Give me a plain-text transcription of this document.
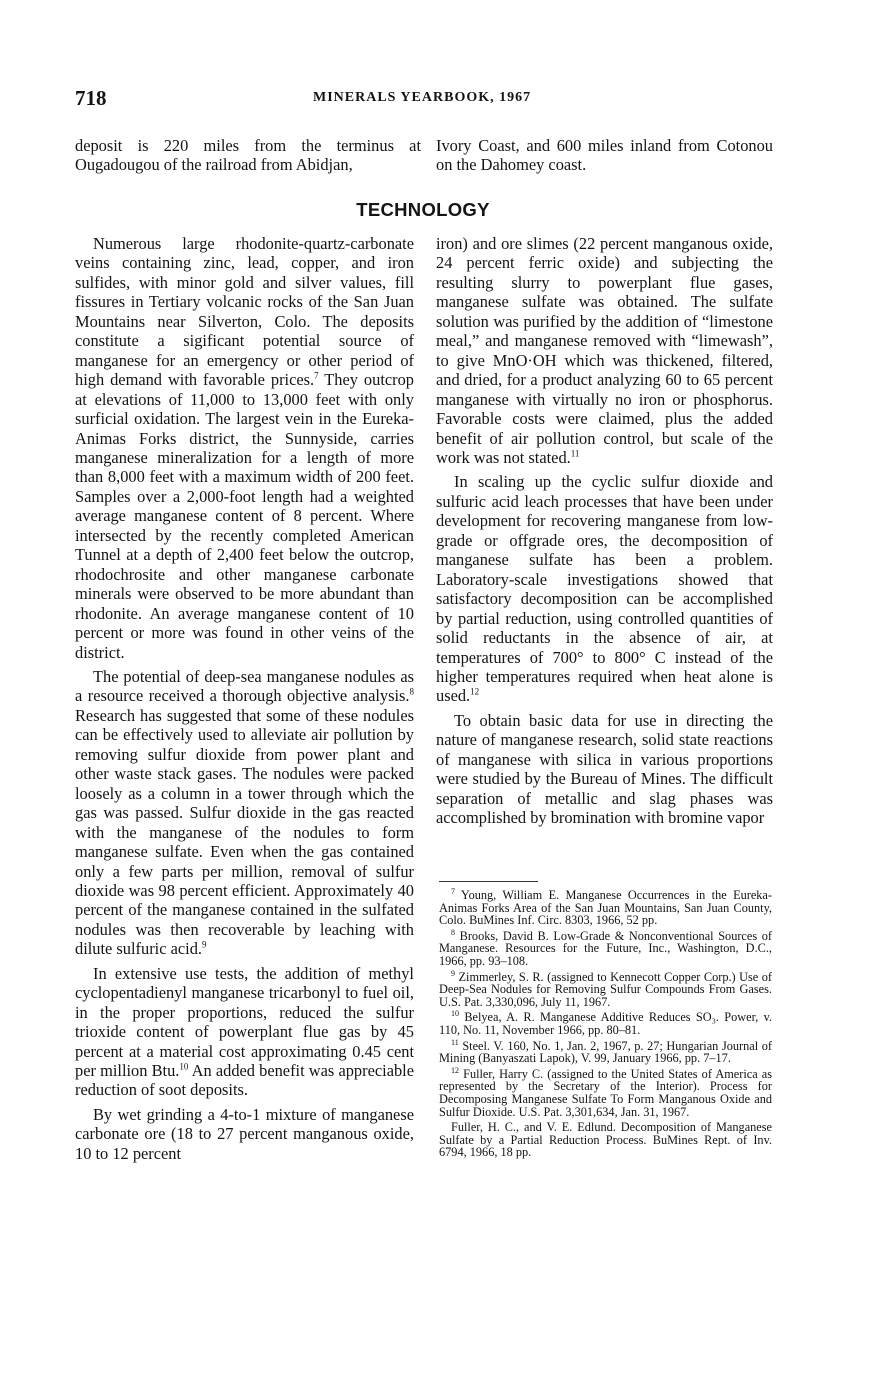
718	MINERALS YEARBOOK, 1967

deposit is 220 miles from the terminus at Ougadougou of the railroad from Abidjan,

Ivory Coast, and 600 miles inland from Cotonou on the Dahomey coast.

TECHNOLOGY

Numerous large rhodonite-quartz-carbonate veins containing zinc, lead, copper, and iron sulfides, with minor gold and silver values, fill fissures in Tertiary volcanic rocks of the San Juan Mountains near Silverton, Colo. The deposits constitute a sigificant potential source of manganese for an emergency or other period of high demand with favorable prices.$^7$ They outcrop at elevations of 11,000 to 13,000 feet with only surficial oxidation. The largest vein in the Eureka-Animas Forks district, the Sunnyside, carries manganese mineralization for a length of more than 8,000 feet with a maximum width of 200 feet. Samples over a 2,000-foot length had a weighted average manganese content of 8 percent. Where intersected by the recently completed American Tunnel at a depth of 2,400 feet below the outcrop, rhodochrosite and other manganese carbonate minerals were observed to be more abundant than rhodonite. An average manganese content of 10 percent or more was found in other veins of the district.

The potential of deep-sea manganese nodules as a resource received a thorough objective analysis.$^8$ Research has suggested that some of these nodules can be effectively used to alleviate air pollution by removing sulfur dioxide from power plant and other waste stack gases. The nodules were packed loosely as a column in a tower through which the gas was passed. Sulfur dioxide in the gas reacted with the manganese of the nodules to form manganese sulfate. Even when the gas contained only a few parts per million, removal of sulfur dioxide was 98 percent efficient. Approximately 40 percent of the manganese contained in the sulfated nodules was then recoverable by leaching with dilute sulfuric acid.$^9$

In extensive use tests, the addition of methyl cyclopentadienyl manganese tricarbonyl to fuel oil, in the proper proportions, reduced the sulfur trioxide content of powerplant flue gas by 45 percent at a material cost approximating 0.45 cent per million Btu.$^{10}$ An added benefit was appreciable reduction of soot deposits.

By wet grinding a 4-to-1 mixture of manganese carbonate ore (18 to 27 percent manganous oxide, 10 to 12 percent

iron) and ore slimes (22 percent manganous oxide, 24 percent ferric oxide) and subjecting the resulting slurry to powerplant flue gases, manganese sulfate was obtained. The sulfate solution was purified by the addition of “limestone meal,” and manganese removed with “limewash”, to give MnO·OH which was thickened, filtered, and dried, for a product analyzing 60 to 65 percent manganese with virtually no iron or phosphorus. Favorable costs were claimed, plus the added benefit of air pollution control, but scale of the work was not stated.$^{11}$

In scaling up the cyclic sulfur dioxide and sulfuric acid leach processes that have been under development for recovering manganese from low-grade or offgrade ores, the decomposition of manganese sulfate has been a problem. Laboratory-scale investigations showed that satisfactory decomposition can be accomplished by partial reduction, using controlled quantities of solid reductants in the absence of air, at temperatures of 700° to 800° C instead of the higher temperatures required when heat alone is used.$^{12}$

To obtain basic data for use in directing the nature of manganese research, solid state reactions of manganese with silica in various proportions were studied by the Bureau of Mines. The difficult separation of metallic and slag phases was accomplished by bromination with bromine vapor

$^7$ Young, William E. Manganese Occurrences in the Eureka-Animas Forks Area of the San Juan Mountains, San Juan County, Colo. BuMines Inf. Circ. 8303, 1966, 52 pp.

$^8$ Brooks, David B. Low-Grade & Nonconventional Sources of Manganese. Resources for the Future, Inc., Washington, D.C., 1966, pp. 93–108.

$^9$ Zimmerley, S. R. (assigned to Kennecott Copper Corp.) Use of Deep-Sea Nodules for Removing Sulfur Compounds From Gases. U.S. Pat. 3,330,096, July 11, 1967.

$^{10}$ Belyea, A. R. Manganese Additive Reduces SO₃. Power, v. 110, No. 11, November 1966, pp. 80–81.

$^{11}$ Steel. V. 160, No. 1, Jan. 2, 1967, p. 27; Hungarian Journal of Mining (Banyaszati Lapok), V. 99, January 1966, pp. 7–17.

$^{12}$ Fuller, Harry C. (assigned to the United States of America as represented by the Secretary of the Interior). Process for Decomposing Manganese Sulfate To Form Manganous Oxide and Sulfur Dioxide. U.S. Pat. 3,301,634, Jan. 31, 1967.

Fuller, H. C., and V. E. Edlund. Decomposition of Manganese Sulfate by a Partial Reduction Process. BuMines Rept. of Inv. 6794, 1966, 18 pp.
